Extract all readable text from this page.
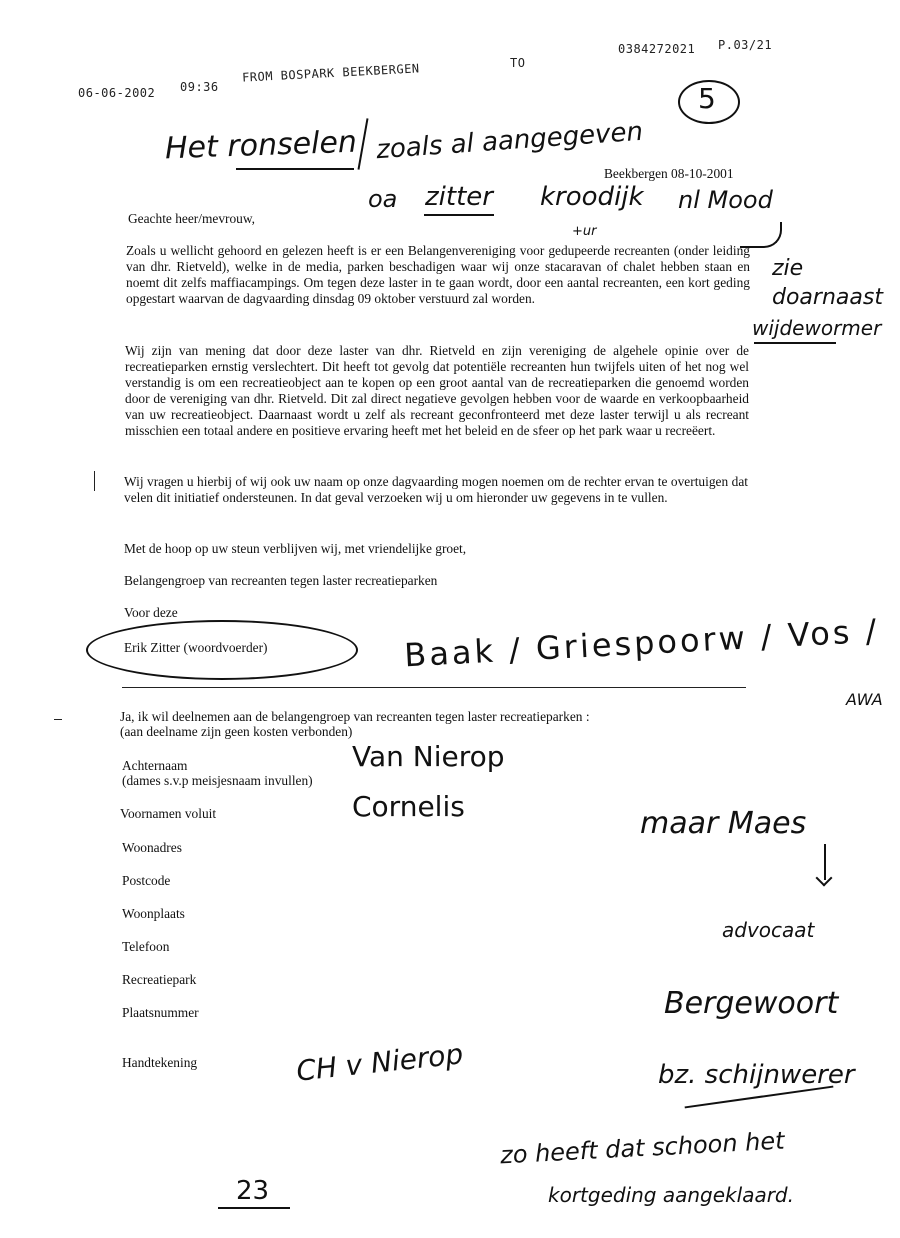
06-06-2002 09:36
FROM BOSPARK BEEKBERGEN	TO
0384272021 P.03/21
5
Het ronselen zoals al aangegeven
oa zitter kroodijk nl Mood
+ur
zie
doarnaast
wijdewormer
Beekbergen 08-10-2001
Geachte heer/mevrouw,
Zoals u wellicht gehoord en gelezen heeft is er een Belangenvereniging voor gedupeerde recreanten (onder leiding van dhr. Rietveld), welke in de media, parken beschadigen waar wij onze stacaravan of chalet hebben staan en noemt dit zelfs maffiacampings. Om tegen deze laster in te gaan wordt, door een aantal recreanten, een kort geding opgestart waarvan de dagvaarding dinsdag 09 oktober verstuurd zal worden.
Wij zijn van mening dat door deze laster van dhr. Rietveld en zijn vereniging de algehele opinie over de recreatieparken ernstig verslechtert. Dit heeft tot gevolg dat potentiële recreanten hun twijfels uiten of het nog wel verstandig is om een recreatieobject aan te kopen op een groot aantal van de recreatieparken die genoemd worden door de vereniging van dhr. Rietveld. Dit zal direct negatieve gevolgen hebben voor de waarde en verkoopbaarheid van uw recreatieobject. Daarnaast wordt u zelf als recreant geconfronteerd met deze laster terwijl u als recreant misschien een totaal andere en positieve ervaring heeft met het beleid en de sfeer op het park waar u recreëert.
Wij vragen u hierbij of wij ook uw naam op onze dagvaarding mogen noemen om de rechter ervan te overtuigen dat velen dit initiatief ondersteunen. In dat geval verzoeken wij u om hieronder uw gegevens in te vullen.
Met de hoop op uw steun verblijven wij, met vriendelijke groet,
Belangengroep van recreanten tegen laster recreatieparken
Voor deze
Erik Zitter (woordvoerder)	Baak / Griespoorw / Vos /
AWA
Ja, ik wil deelnemen aan de belangengroep van recreanten tegen laster recreatieparken :
(aan deelname zijn geen kosten verbonden)
Achternaam
(dames s.v.p meisjesnaam invullen)
Van Nierop
Voornamen voluit	Cornelis
Woonadres
Postcode
Woonplaats
Telefoon
Recreatiepark
Plaatsnummer
Handtekening	CH v Nierop
maar Maes
advocaat
Bergewoort
bz. schijnwerer
zo heeft dat schoon het
kortgeding aangeklaard.
23
